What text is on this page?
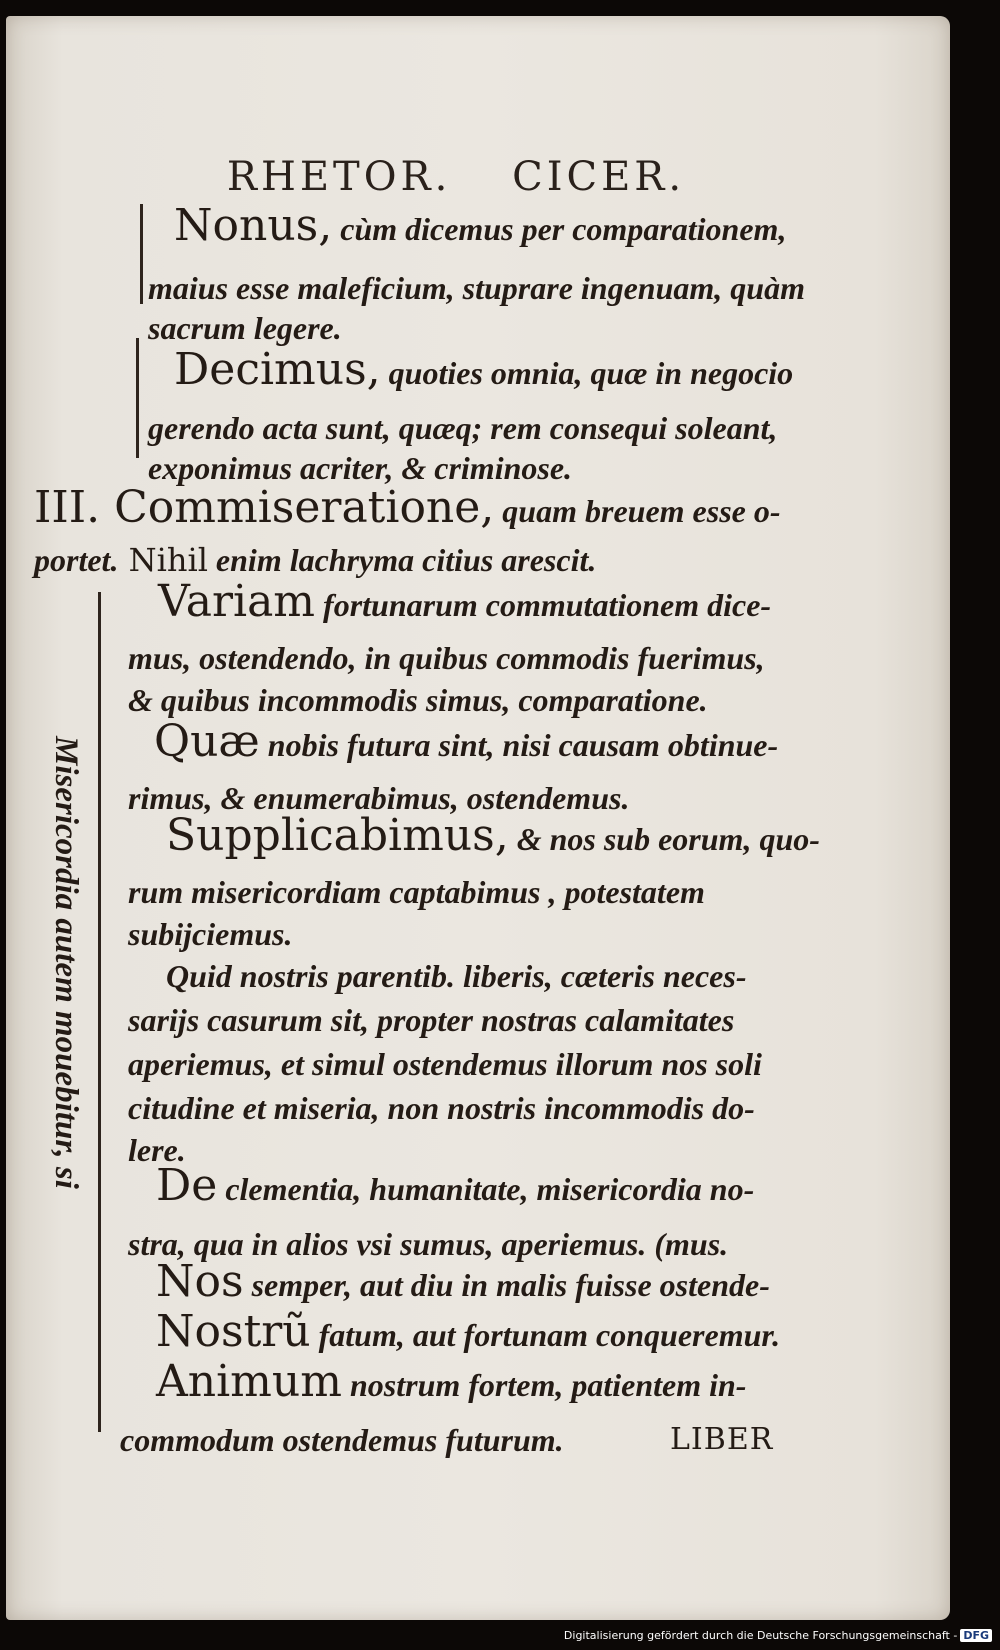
RHETOR. CICER.
Nonus, cùm dicemus per comparationem,
maius esse maleficium, stuprare ingenuam, quàm
sacrum legere.
Decimus, quoties omnia, quæ in negocio
gerendo acta sunt, quæq; rem consequi soleant,
exponimus acriter, & criminose.
III. Commiseratione, quam breuem esse o-
portet. Nihil enim lachryma citius arescit.
Variam fortunarum commutationem dice-
mus, ostendendo, in quibus commodis fuerimus,
& quibus incommodis simus, comparatione.
Quæ nobis futura sint, nisi causam obtinue-
rimus, & enumerabimus, ostendemus.
Supplicabimus, & nos sub eorum, quo-
rum misericordiam captabimus , potestatem
subijciemus.
Quid nostris parentib. liberis, cæteris neces-
sarijs casurum sit, propter nostras calamitates
aperiemus, et simul ostendemus illorum nos soli
citudine et miseria, non nostris incommodis do-
lere.
De clementia, humanitate, misericordia no-
stra, qua in alios vsi sumus, aperiemus. (mus.
Nos semper, aut diu in malis fuisse ostende-
Nostrũ fatum, aut fortunam conqueremur.
Animum nostrum fortem, patientem in-
commodum ostendemus futurum.	LIBER
Misericordia autem mouebitur, si
Digitalisierung gefördert durch die Deutsche Forschungsgemeinschaft - DFG
